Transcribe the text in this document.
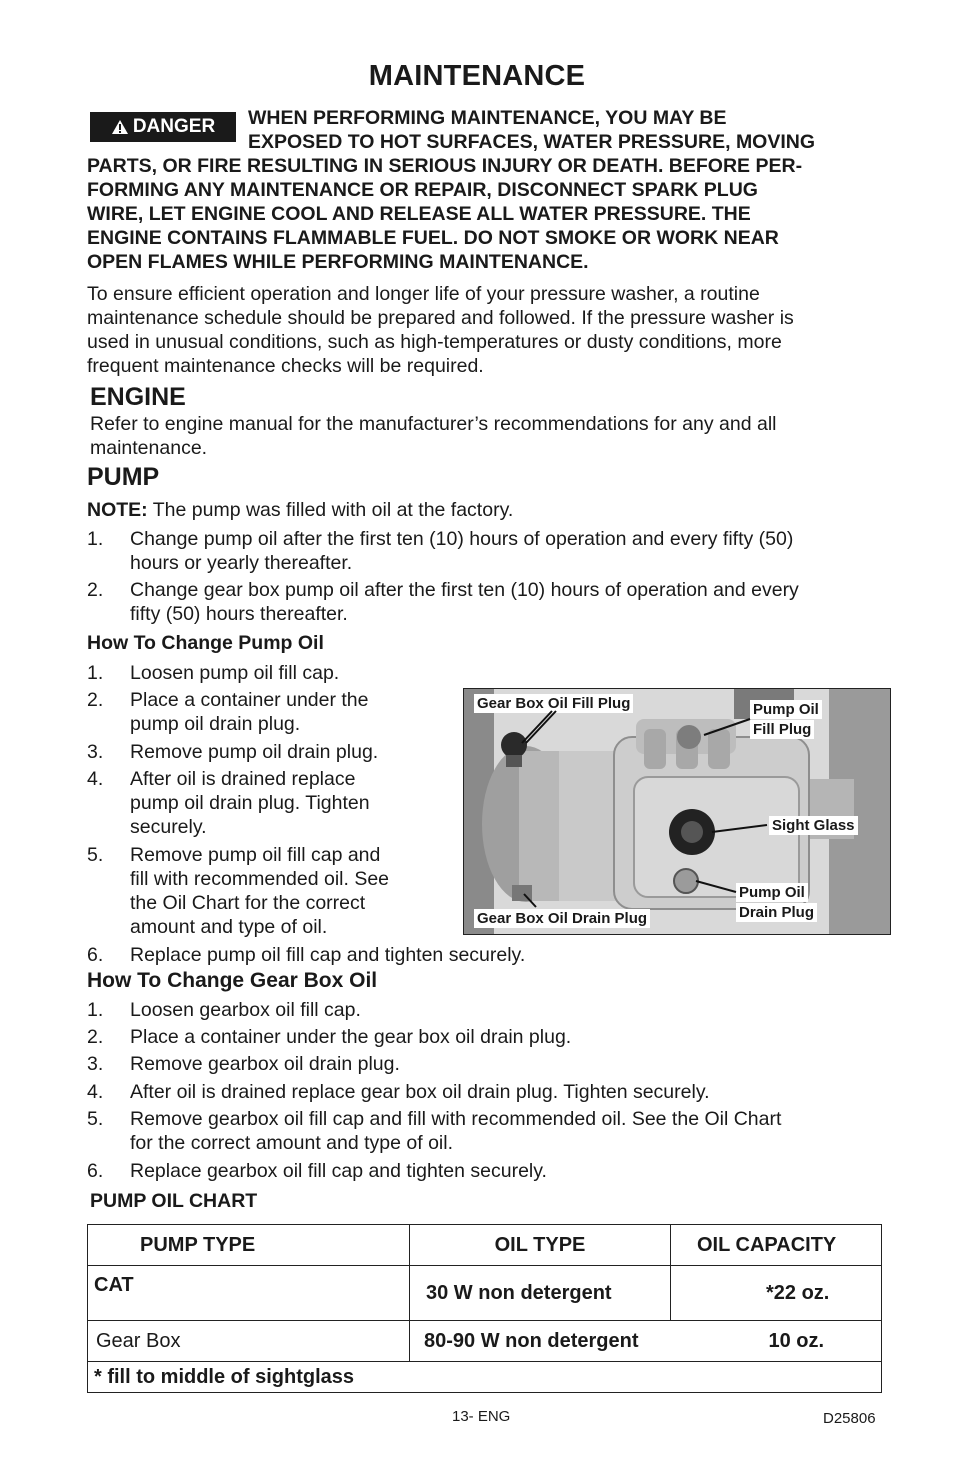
MAINTENANCE
DANGER WHEN PERFORMING MAINTENANCE, YOU MAY BE
EXPOSED TO HOT SURFACES, WATER PRESSURE, MOVING
PARTS, OR FIRE RESULTING IN SERIOUS INJURY OR DEATH. BEFORE PER-
FORMING ANY MAINTENANCE OR REPAIR, DISCONNECT SPARK PLUG
WIRE, LET ENGINE COOL AND RELEASE ALL WATER PRESSURE. THE
ENGINE CONTAINS FLAMMABLE FUEL. DO NOT SMOKE OR WORK NEAR
OPEN FLAMES WHILE PERFORMING MAINTENANCE.
To ensure efficient operation and longer life of your pressure washer, a routine
maintenance schedule should be prepared and followed. If the pressure washer is
used in unusual conditions, such as high-temperatures or dusty conditions, more
frequent maintenance checks will be required.
ENGINE
Refer to engine manual for the manufacturer’s recommendations for any and all
maintenance.
PUMP
NOTE: The pump was filled with oil at the factory.
1.	Change pump oil after the first ten (10) hours of operation and every fifty (50)
hours or yearly thereafter.
2.	Change gear box pump oil after the first ten (10) hours of operation and every
fifty (50) hours thereafter.
How To Change Pump Oil
1.	Loosen pump oil fill cap.
2.	Place a container under the
pump oil drain plug.
3.	Remove pump oil drain plug.
4.	After oil is drained replace
pump oil drain plug. Tighten
securely.
5.	Remove pump oil fill cap and
fill with recommended oil. See
the Oil Chart for the correct
amount and type of oil.
6.	Replace pump oil fill cap and tighten securely.
Gear Box Oil Fill Plug	Pump Oil
Fill Plug
Sight Glass
Pump Oil
Drain Plug
Gear Box Oil Drain Plug
How To Change Gear Box Oil
1.	Loosen gearbox oil fill cap.
2.	Place a container under the gear box oil drain plug.
3.	Remove gearbox oil drain plug.
4.	After oil is drained replace gear box oil drain plug. Tighten securely.
5.	Remove gearbox oil fill cap and fill with recommended oil. See the Oil Chart
for the correct amount and type of oil.
6.	Replace gearbox oil fill cap and tighten securely.
PUMP OIL CHART
PUMP TYPE	OIL TYPE	OIL CAPACITY
CAT	30 W non detergent	*22 oz.
Gear Box	80-90 W non detergent	10 oz.
* fill to middle of sightglass		
13- ENG	D25806
